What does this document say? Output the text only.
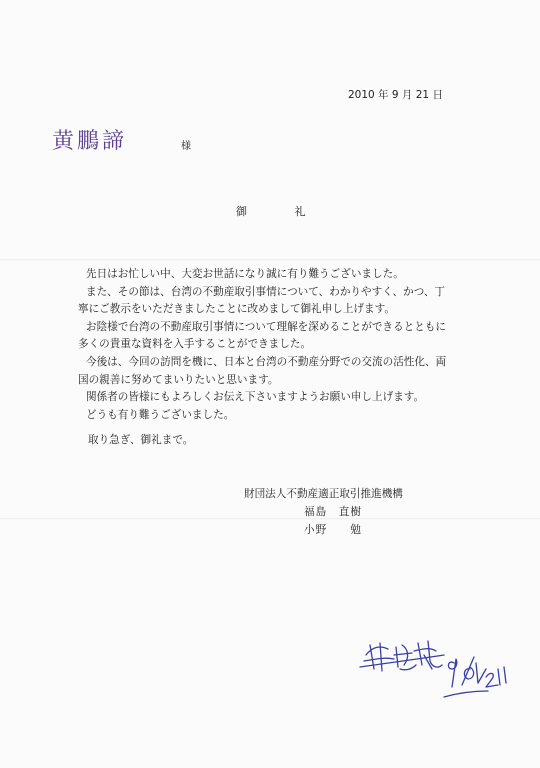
2010 年 9 月 21 日
黄鵬諦	様
御 礼

先日はお忙しい中、大変お世話になり誠に有り難うございました。

また、その節は、台湾の不動産取引事情について、わかりやすく、かつ、丁

寧にご教示をいただきましたことに改めまして御礼申し上げます。

お陰様で台湾の不動産取引事情について理解を深めることができるとともに

多くの貴重な資料を入手することができました。

今後は、今回の訪問を機に、日本と台湾の不動産分野での交流の活性化、両

国の親善に努めてまいりたいと思います。

関係者の皆様にもよろしくお伝え下さいますようお願い申し上げます。

どうも有り難うございました。

取り急ぎ、御礼まで。
財団法人不動産適正取引推進機構
福島　直樹
小野　　勉
